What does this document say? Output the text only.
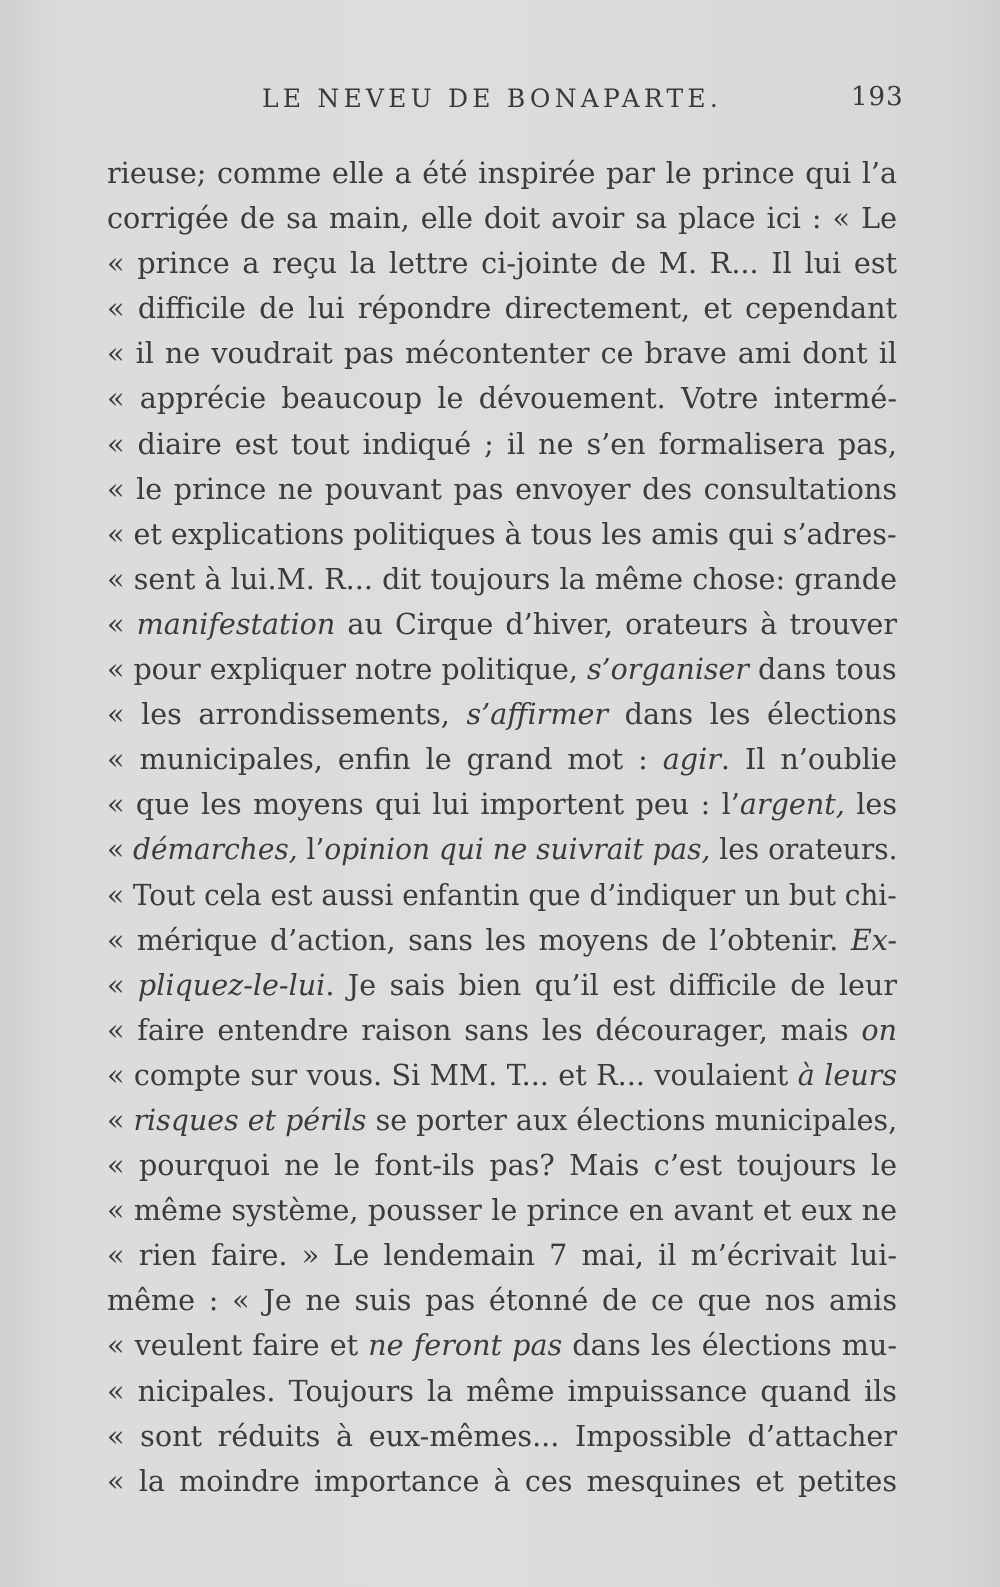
LE NEVEU DE BONAPARTE.	193
rieuse; comme elle a été inspirée par le prince qui l’a
corrigée de sa main, elle doit avoir sa place ici : « Le
« prince a reçu la lettre ci-jointe de M. R... Il lui est
« difficile de lui répondre directement, et cependant
« il ne voudrait pas mécontenter ce brave ami dont il
« apprécie beaucoup le dévouement. Votre intermé-
« diaire est tout indiqué ; il ne s’en formalisera pas,
« le prince ne pouvant pas envoyer des consultations
« et explications politiques à tous les amis qui s’adres-
« sent à lui.M. R... dit toujours la même chose: grande
« manifestation au Cirque d’hiver, orateurs à trouver
« pour expliquer notre politique, s’organiser dans tous
« les arrondissements, s’affirmer dans les élections
« municipales, enfin le grand mot : agir. Il n’oublie
« que les moyens qui lui importent peu : l’argent, les
« démarches, l’opinion qui ne suivrait pas, les orateurs.
« Tout cela est aussi enfantin que d’indiquer un but chi-
« mérique d’action, sans les moyens de l’obtenir. Ex-
« pliquez-le-lui. Je sais bien qu’il est difficile de leur
« faire entendre raison sans les décourager, mais on
« compte sur vous. Si MM. T... et R... voulaient à leurs
« risques et périls se porter aux élections municipales,
« pourquoi ne le font-ils pas? Mais c’est toujours le
« même système, pousser le prince en avant et eux ne
« rien faire. » Le lendemain 7 mai, il m’écrivait lui-
même : « Je ne suis pas étonné de ce que nos amis
« veulent faire et ne feront pas dans les élections mu-
« nicipales. Toujours la même impuissance quand ils
« sont réduits à eux-mêmes... Impossible d’attacher
« la moindre importance à ces mesquines et petites
